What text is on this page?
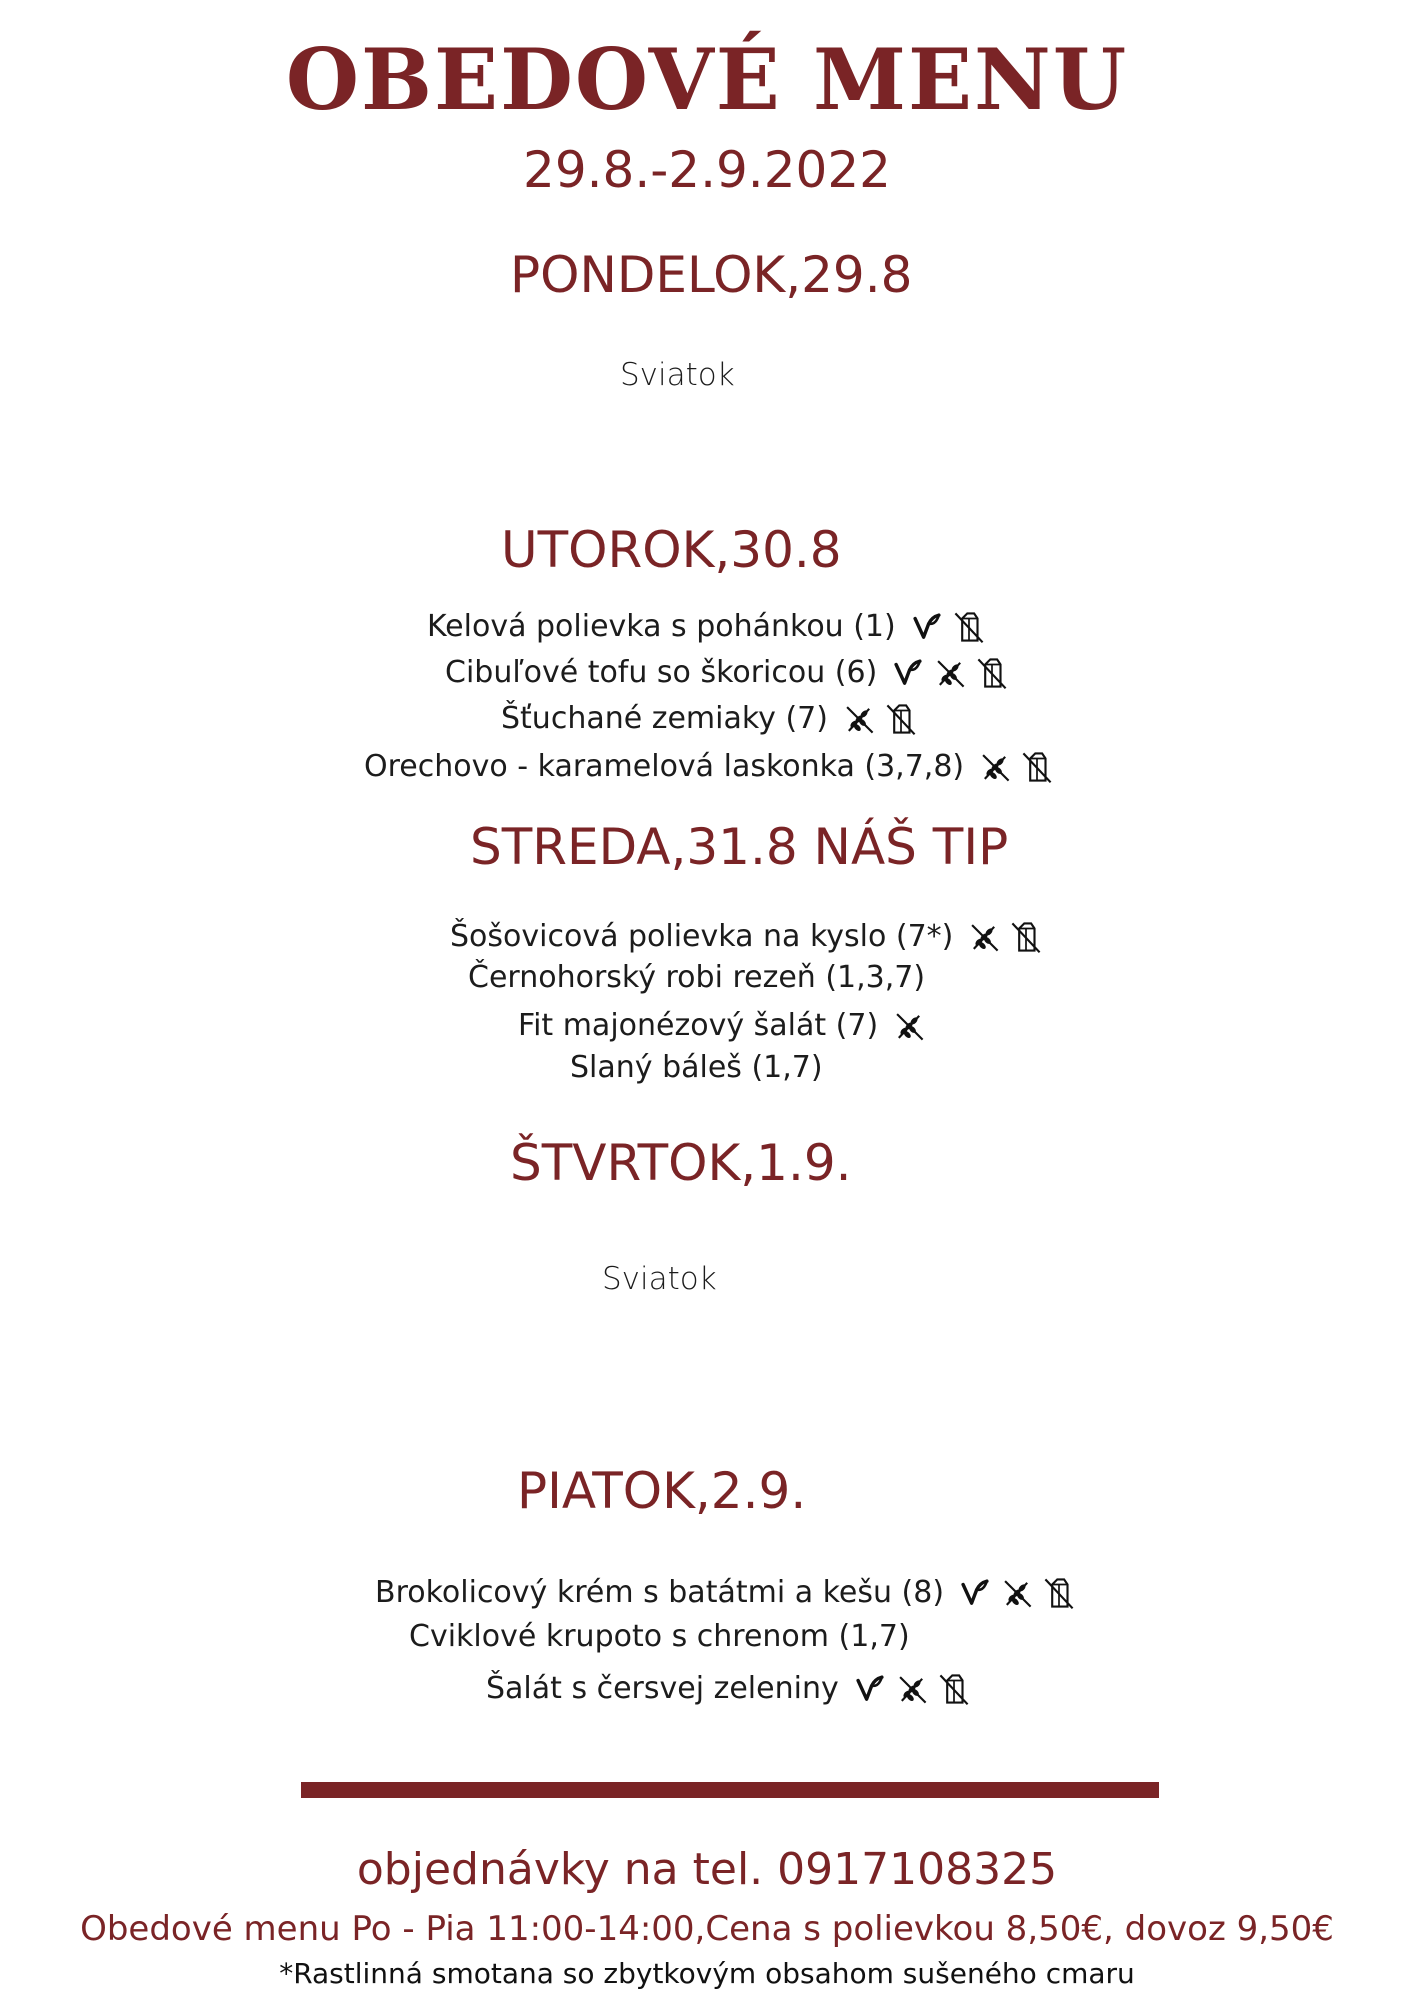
OBEDOVÉ MENU
29.8.-2.9.2022
PONDELOK,29.8
Sviatok
UTOROK,30.8
Kelová polievka s pohánkou (1)
Cibuľové tofu so škoricou (6)
Šťuchané zemiaky (7)
Orechovo - karamelová laskonka (3,7,8)
STREDA,31.8 NÁŠ TIP
Šošovicová polievka na kyslo (7*)
Černohorský robi rezeň (1,3,7)
Fit majonézový šalát (7)
Slaný báleš (1,7)
ŠTVRTOK,1.9.
Sviatok
PIATOK,2.9.
Brokolicový krém s batátmi a kešu (8)
Cviklové krupoto s chrenom (1,7)
Šalát s čersvej zeleniny
objednávky na tel. 0917108325
Obedové menu Po - Pia 11:00-14:00,Cena s polievkou 8,50€, dovoz 9,50€
*Rastlinná smotana so zbytkovým obsahom sušeného cmaru
